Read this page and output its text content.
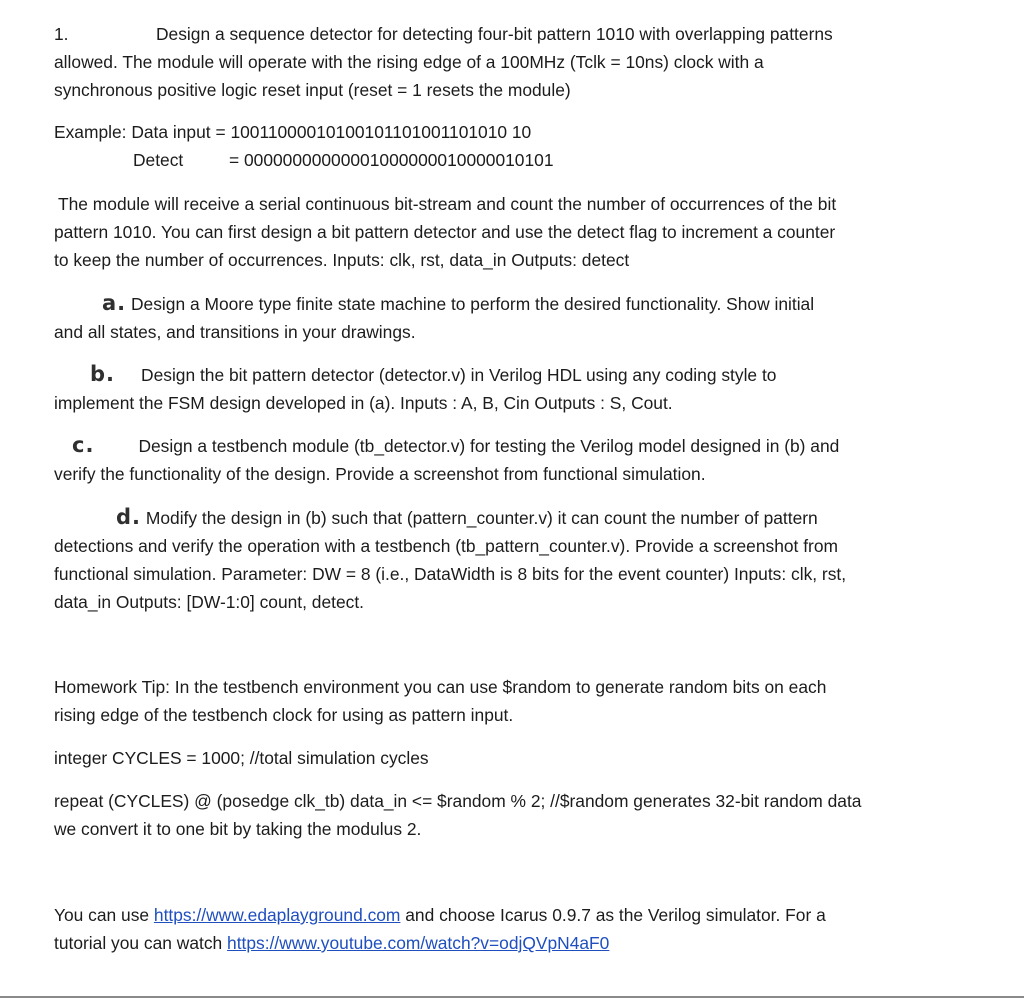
1.	Design a sequence detector for detecting four-bit pattern 1010 with overlapping patterns
allowed. The module will operate with the rising edge of a 100MHz (Tclk = 10ns) clock with a
synchronous positive logic reset input (reset = 1 resets the module)
Example: Data input = 10011000010100101101001101010 10
Detect	= 00000000000001000000010000010101
The module will receive a serial continuous bit-stream and count the number of occurrences of the bit
pattern 1010. You can first design a bit pattern detector and use the detect flag to increment a counter
to keep the number of occurrences. Inputs: clk, rst, data_in Outputs: detect
a. Design a Moore type finite state machine to perform the desired functionality. Show initial
and all states, and transitions in your drawings.
b. Design the bit pattern detector (detector.v) in Verilog HDL using any coding style to
implement the FSM design developed in (a). Inputs : A, B, Cin Outputs : S, Cout.
c.	Design a testbench module (tb_detector.v) for testing the Verilog model designed in (b) and
verify the functionality of the design. Provide a screenshot from functional simulation.
d. Modify the design in (b) such that (pattern_counter.v) it can count the number of pattern
detections and verify the operation with a testbench (tb_pattern_counter.v). Provide a screenshot from
functional simulation. Parameter: DW = 8 (i.e., DataWidth is 8 bits for the event counter) Inputs: clk, rst,
data_in Outputs: [DW-1:0] count, detect.
Homework Tip: In the testbench environment you can use $random to generate random bits on each
rising edge of the testbench clock for using as pattern input.
integer CYCLES = 1000; //total simulation cycles
repeat (CYCLES) @ (posedge clk_tb) data_in <= $random % 2; //$random generates 32-bit random data
we convert it to one bit by taking the modulus 2.
You can use https://www.edaplayground.com and choose Icarus 0.9.7 as the Verilog simulator. For a
tutorial you can watch https://www.youtube.com/watch?v=odjQVpN4aF0
